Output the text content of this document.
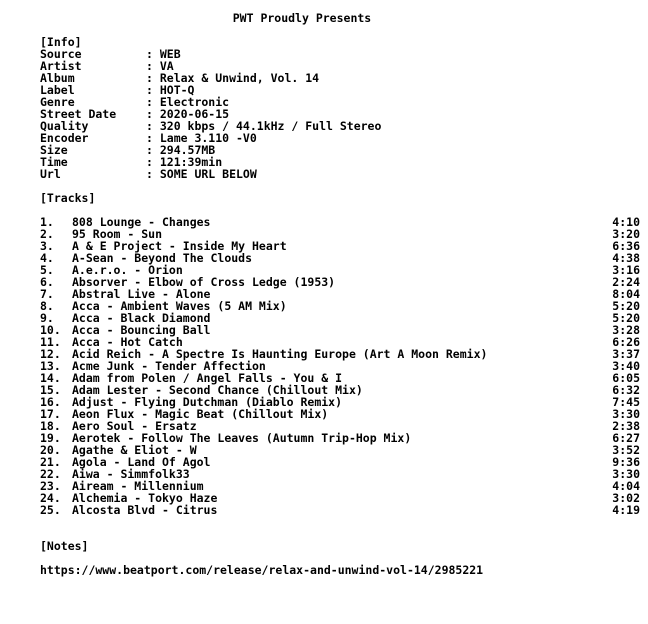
PWT Proudly Presents
[Info]
Source	: WEB
Artist	: VA
Album	: Relax & Unwind, Vol. 14
Label	: HOT-Q
Genre	: Electronic
Street Date	: 2020-06-15
Quality	: 320 kbps / 44.1kHz / Full Stereo
Encoder	: Lame 3.110 -V0
Size	: 294.57MB
Time	: 121:39min
Url	: SOME URL BELOW
[Tracks]
1. 808 Lounge - Changes	4:10
2. 95 Room - Sun	3:20
3. A & E Project - Inside My Heart	6:36
4. A-Sean - Beyond The Clouds	4:38
5. A.e.r.o. - Orion	3:16
6. Absorver - Elbow of Cross Ledge (1953)	2:24
7. Abstral Live - Alone	8:04
8. Acca - Ambient Waves (5 AM Mix)	5:20
9. Acca - Black Diamond	5:20
10. Acca - Bouncing Ball	3:28
11. Acca - Hot Catch	6:26
12. Acid Reich - A Spectre Is Haunting Europe (Art A Moon Remix)	3:37
13. Acme Junk - Tender Affection	3:40
14. Adam from Polen / Angel Falls - You & I	6:05
15. Adam Lester - Second Chance (Chillout Mix)	6:32
16. Adjust - Flying Dutchman (Diablo Remix)	7:45
17. Aeon Flux - Magic Beat (Chillout Mix)	3:30
18. Aero Soul - Ersatz	2:38
19. Aerotek - Follow The Leaves (Autumn Trip-Hop Mix)	6:27
20. Agathe & Eliot - W	3:52
21. Agola - Land Of Agol	9:36
22. Aiwa - Simmfolk33	3:30
23. Aiream - Millennium	4:04
24. Alchemia - Tokyo Haze	3:02
25. Alcosta Blvd - Citrus	4:19
[Notes]
https://www.beatport.com/release/relax-and-unwind-vol-14/2985221
